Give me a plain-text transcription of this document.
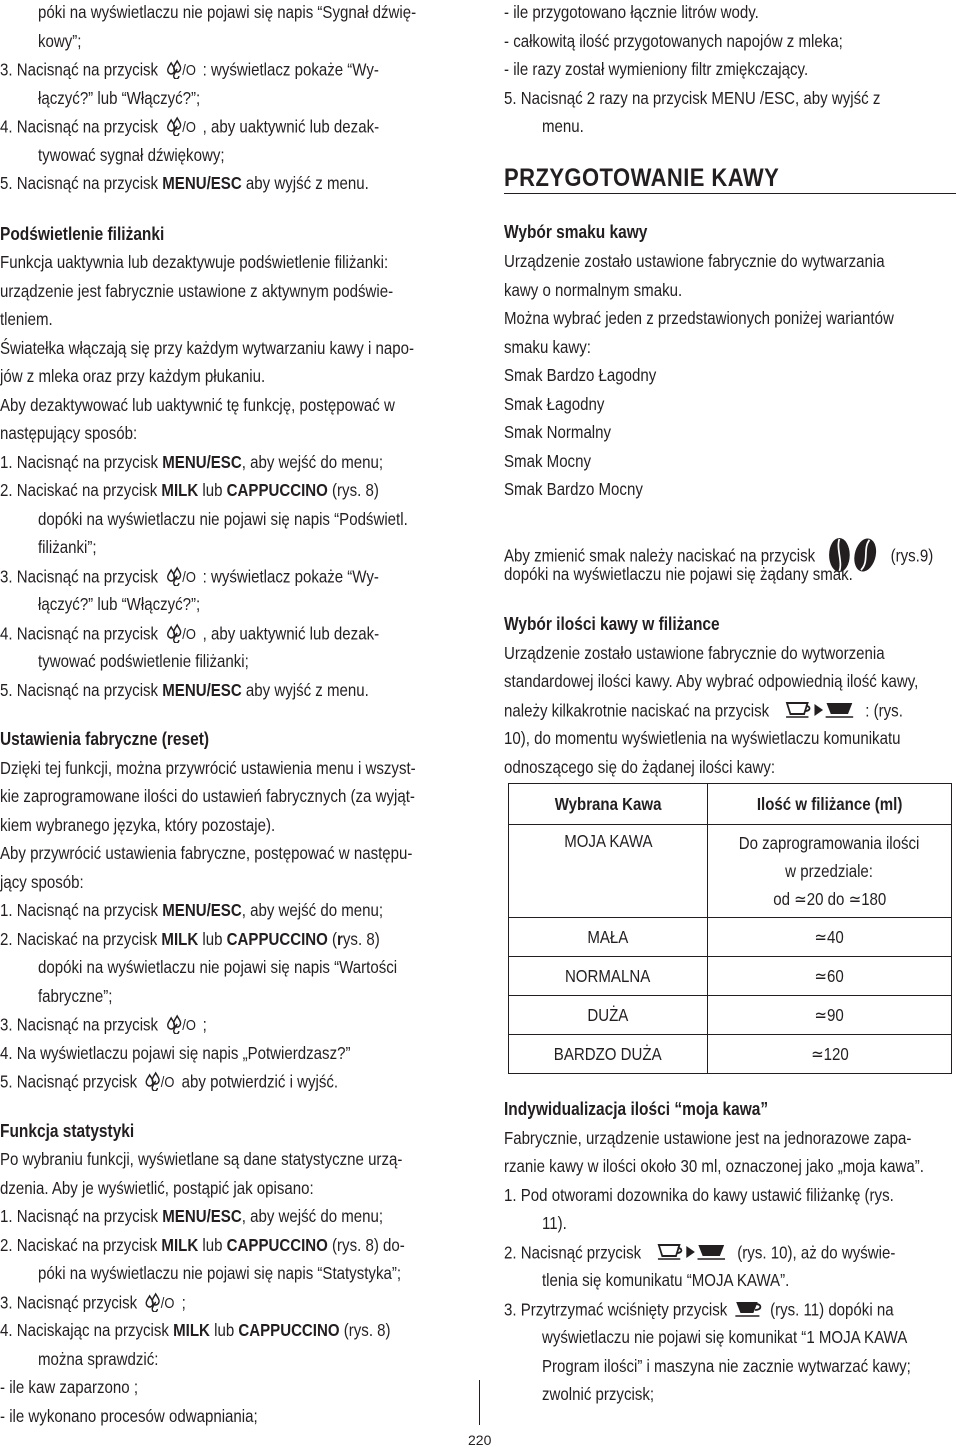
póki na wyświetlaczu nie pojawi się napis “Sygnał dźwię-
kowy”;
3. Nacisnąć na przycisk /O : wyświetlacz pokaże “Wy-
łączyć?” lub “Włączyć?”;
4. Nacisnąć na przycisk /O , aby uaktywnić lub dezak-
tywować sygnał dźwiękowy;
5. Nacisnąć na przycisk MENU/ESC aby wyjść z menu.
Podświetlenie filiżanki
Funkcja uaktywnia lub dezaktywuje podświetlenie filiżanki:
urządzenie jest fabrycznie ustawione z aktywnym podświe-
tleniem.
Światełka włączają się przy każdym wytwarzaniu kawy i napo-
jów z mleka oraz przy każdym płukaniu.
Aby dezaktywować lub uaktywnić tę funkcję, postępować w
następujący sposób:
1. Nacisnąć na przycisk MENU/ESC, aby wejść do menu;
2. Naciskać na przycisk MILK lub CAPPUCCINO (rys. 8)
dopóki na wyświetlaczu nie pojawi się napis “Podświetl.
filiżanki”;
3. Nacisnąć na przycisk /O : wyświetlacz pokaże “Wy-
łączyć?” lub “Włączyć?”;
4. Nacisnąć na przycisk /O , aby uaktywnić lub dezak-
tywować podświetlenie filiżanki;
5. Nacisnąć na przycisk MENU/ESC aby wyjść z menu.
Ustawienia fabryczne (reset)
Dzięki tej funkcji, można przywrócić ustawienia menu i wszyst-
kie zaprogramowane ilości do ustawień fabrycznych (za wyjąt-
kiem wybranego języka, który pozostaje).
Aby przywrócić ustawienia fabryczne, postępować w następu-
jący sposób:
1. Nacisnąć na przycisk MENU/ESC, aby wejść do menu;
2. Naciskać na przycisk MILK lub CAPPUCCINO (rys. 8)
dopóki na wyświetlaczu nie pojawi się napis “Wartości
fabryczne”;
3. Nacisnąć na przycisk /O ;
4. Na wyświetlaczu pojawi się napis „Potwierdzasz?”
5. Nacisnąć przycisk /O aby potwierdzić i wyjść.
Funkcja statystyki
Po wybraniu funkcji, wyświetlane są dane statystyczne urzą-
dzenia. Aby je wyświetlić, postąpić jak opisano:
1. Nacisnąć na przycisk MENU/ESC, aby wejść do menu;
2. Naciskać na przycisk MILK lub CAPPUCCINO (rys. 8) do-
póki na wyświetlaczu nie pojawi się napis “Statystyka”;
3. Nacisnąć przycisk /O ;
4. Naciskając na przycisk MILK lub CAPPUCCINO (rys. 8)
można sprawdzić:
- ile kaw zaparzono ;
- ile wykonano procesów odwapniania;
220
- ile przygotowano łącznie litrów wody.
- całkowitą ilość przygotowanych napojów z mleka;
- ile razy został wymieniony filtr zmiękczający.
5. Nacisnąć 2 razy na przycisk MENU /ESC, aby wyjść z
menu.
PRZYGOTOWANIE KAWY
Wybór smaku kawy
Urządzenie zostało ustawione fabrycznie do wytwarzania
kawy o normalnym smaku.
Można wybrać jeden z przedstawionych poniżej wariantów
smaku kawy:
Smak Bardzo Łagodny
Smak Łagodny
Smak Normalny
Smak Mocny
Smak Bardzo Mocny
Aby zmienić smak należy naciskać na przycisk	(rys.9)
dopóki na wyświetlaczu nie pojawi się żądany smak.
Wybór ilości kawy w filiżance
Urządzenie zostało ustawione fabrycznie do wytworzenia
standardowej ilości kawy. Aby wybrać odpowiednią ilość kawy,
należy kilkakrotnie naciskać na przycisk	: (rys.
10), do momentu wyświetlenia na wyświetlaczu komunikatu
odnoszącego się do żądanej ilości kawy:
Wybrana Kawa	Ilość w filiżance (ml)
MOJA KAWA	Do zaprogramowania ilości
w przedziale:
od ≃20 do ≃180
MAŁA	≃40
NORMALNA	≃60
DUŻA	≃90
BARDZO DUŻA	≃120
Indywidualizacja ilości “moja kawa”
Fabrycznie, urządzenie ustawione jest na jednorazowe zapa-
rzanie kawy w ilości około 30 ml, oznaczonej jako „moja kawa”.
1. Pod otworami dozownika do kawy ustawić filiżankę (rys.
11).
2. Nacisnąć przycisk	(rys. 10), aż do wyświe-
tlenia się komunikatu “MOJA KAWA”.
3. Przytrzymać wciśnięty przycisk (rys. 11) dopóki na
wyświetlaczu nie pojawi się komunikat “1 MOJA KAWA
Program ilości” i maszyna nie zacznie wytwarzać kawy;
zwolnić przycisk;
